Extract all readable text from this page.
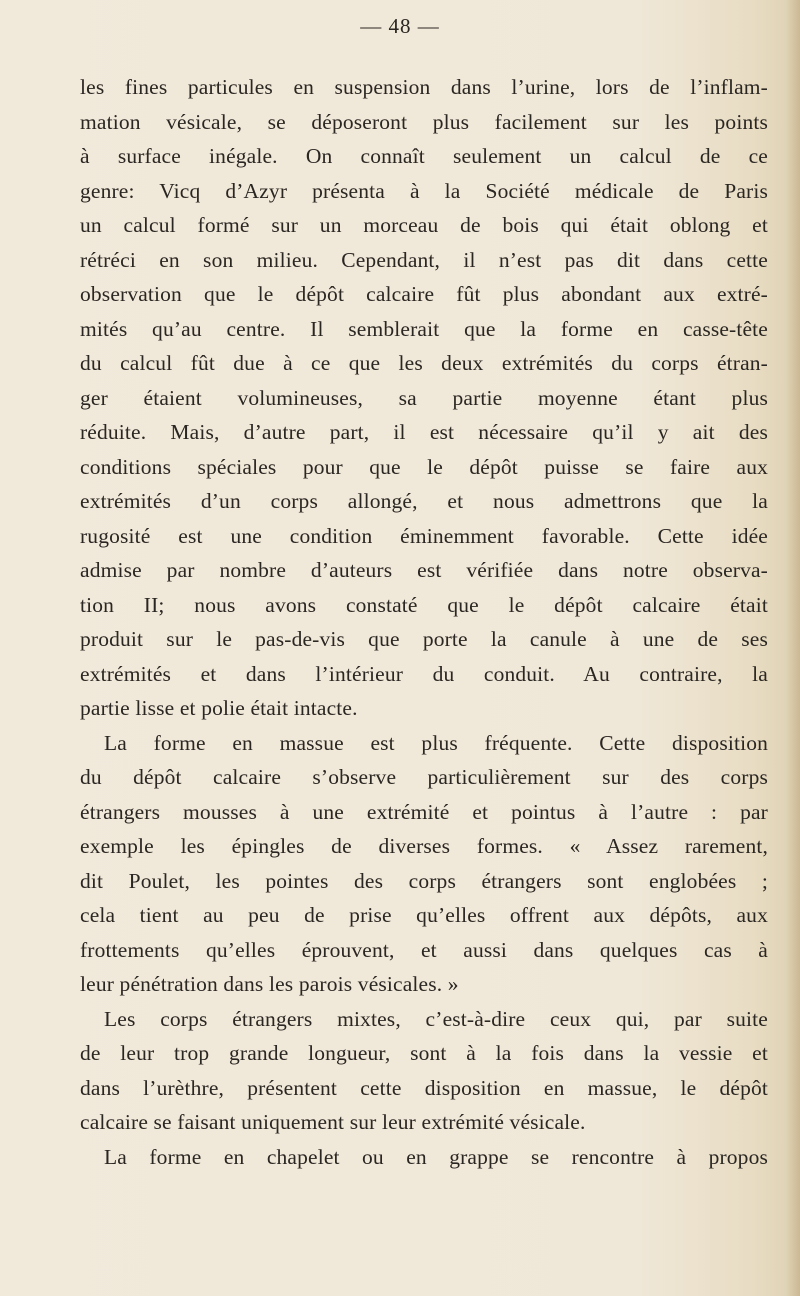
— 48 —
les fines particules en suspension dans l’urine, lors de l’inflam-
mation vésicale, se déposeront plus facilement sur les points
à surface inégale. On connaît seulement un calcul de ce
genre: Vicq d’Azyr présenta à la Société médicale de Paris
un calcul formé sur un morceau de bois qui était oblong et
rétréci en son milieu. Cependant, il n’est pas dit dans cette
observation que le dépôt calcaire fût plus abondant aux extré-
mités qu’au centre. Il semblerait que la forme en casse-tête
du calcul fût due à ce que les deux extrémités du corps étran-
ger étaient volumineuses, sa partie moyenne étant plus
réduite. Mais, d’autre part, il est nécessaire qu’il y ait des
conditions spéciales pour que le dépôt puisse se faire aux
extrémités d’un corps allongé, et nous admettrons que la
rugosité est une condition éminemment favorable. Cette idée
admise par nombre d’auteurs est vérifiée dans notre observa-
tion II; nous avons constaté que le dépôt calcaire était
produit sur le pas-de-vis que porte la canule à une de ses
extrémités et dans l’intérieur du conduit. Au contraire, la
partie lisse et polie était intacte.
La forme en massue est plus fréquente. Cette disposition
du dépôt calcaire s’observe particulièrement sur des corps
étrangers mousses à une extrémité et pointus à l’autre : par
exemple les épingles de diverses formes. « Assez rarement,
dit Poulet, les pointes des corps étrangers sont englobées ;
cela tient au peu de prise qu’elles offrent aux dépôts, aux
frottements qu’elles éprouvent, et aussi dans quelques cas à
leur pénétration dans les parois vésicales. »
Les corps étrangers mixtes, c’est-à-dire ceux qui, par suite
de leur trop grande longueur, sont à la fois dans la vessie et
dans l’urèthre, présentent cette disposition en massue, le dépôt
calcaire se faisant uniquement sur leur extrémité vésicale.
La forme en chapelet ou en grappe se rencontre à propos
